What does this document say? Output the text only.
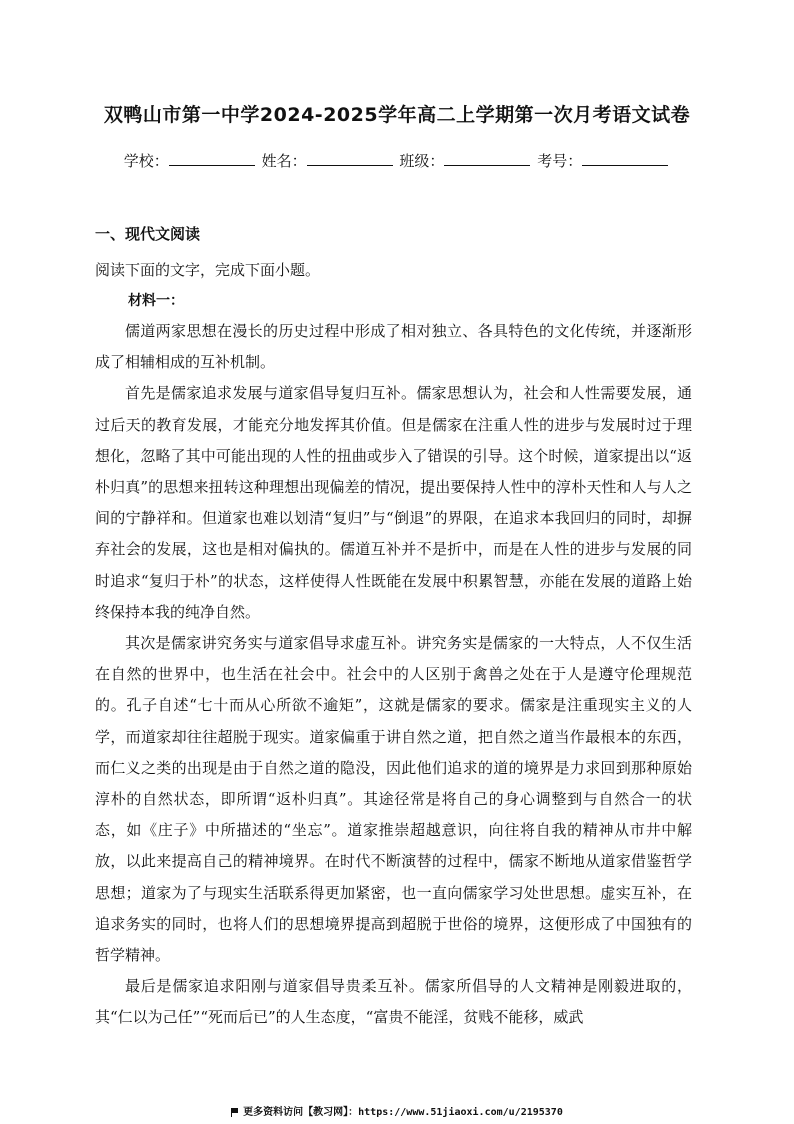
双鸭山市第一中学2024-2025学年高二上学期第一次月考语文试卷
学校：	姓名：	班级：	考号：
一、现代文阅读
阅读下面的文字，完成下面小题。
材料一：

儒道两家思想在漫长的历史过程中形成了相对独立、各具特色的文化传统，并逐渐形成了相辅相成的互补机制。

首先是儒家追求发展与道家倡导复归互补。儒家思想认为，社会和人性需要发展，通过后天的教育发展，才能充分地发挥其价值。但是儒家在注重人性的进步与发展时过于理想化，忽略了其中可能出现的人性的扭曲或步入了错误的引导。这个时候，道家提出以“返朴归真”的思想来扭转这种理想出现偏差的情况，提出要保持人性中的淳朴天性和人与人之间的宁静祥和。但道家也难以划清“复归”与“倒退”的界限，在追求本我回归的同时，却摒弃社会的发展，这也是相对偏执的。儒道互补并不是折中，而是在人性的进步与发展的同时追求“复归于朴”的状态，这样使得人性既能在发展中积累智慧，亦能在发展的道路上始终保持本我的纯净自然。

其次是儒家讲究务实与道家倡导求虚互补。讲究务实是儒家的一大特点，人不仅生活在自然的世界中，也生活在社会中。社会中的人区别于禽兽之处在于人是遵守伦理规范的。孔子自述“七十而从心所欲不逾矩”，这就是儒家的要求。儒家是注重现实主义的人学，而道家却往往超脱于现实。道家偏重于讲自然之道，把自然之道当作最根本的东西，而仁义之类的出现是由于自然之道的隐没，因此他们追求的道的境界是力求回到那种原始淳朴的自然状态，即所谓“返朴归真”。其途径常是将自己的身心调整到与自然合一的状态，如《庄子》中所描述的“坐忘”。道家推崇超越意识，向往将自我的精神从市井中解放，以此来提高自己的精神境界。在时代不断演替的过程中，儒家不断地从道家借鉴哲学思想；道家为了与现实生活联系得更加紧密，也一直向儒家学习处世思想。虚实互补，在追求务实的同时，也将人们的思想境界提高到超脱于世俗的境界，这便形成了中国独有的哲学精神。

最后是儒家追求阳刚与道家倡导贵柔互补。儒家所倡导的人文精神是刚毅进取的，其“仁以为己任”“死而后已”的人生态度，“富贵不能淫，贫贱不能移，威武

更多资料访问【教习网】：https://www.51jiaoxi.com/u/2195370
